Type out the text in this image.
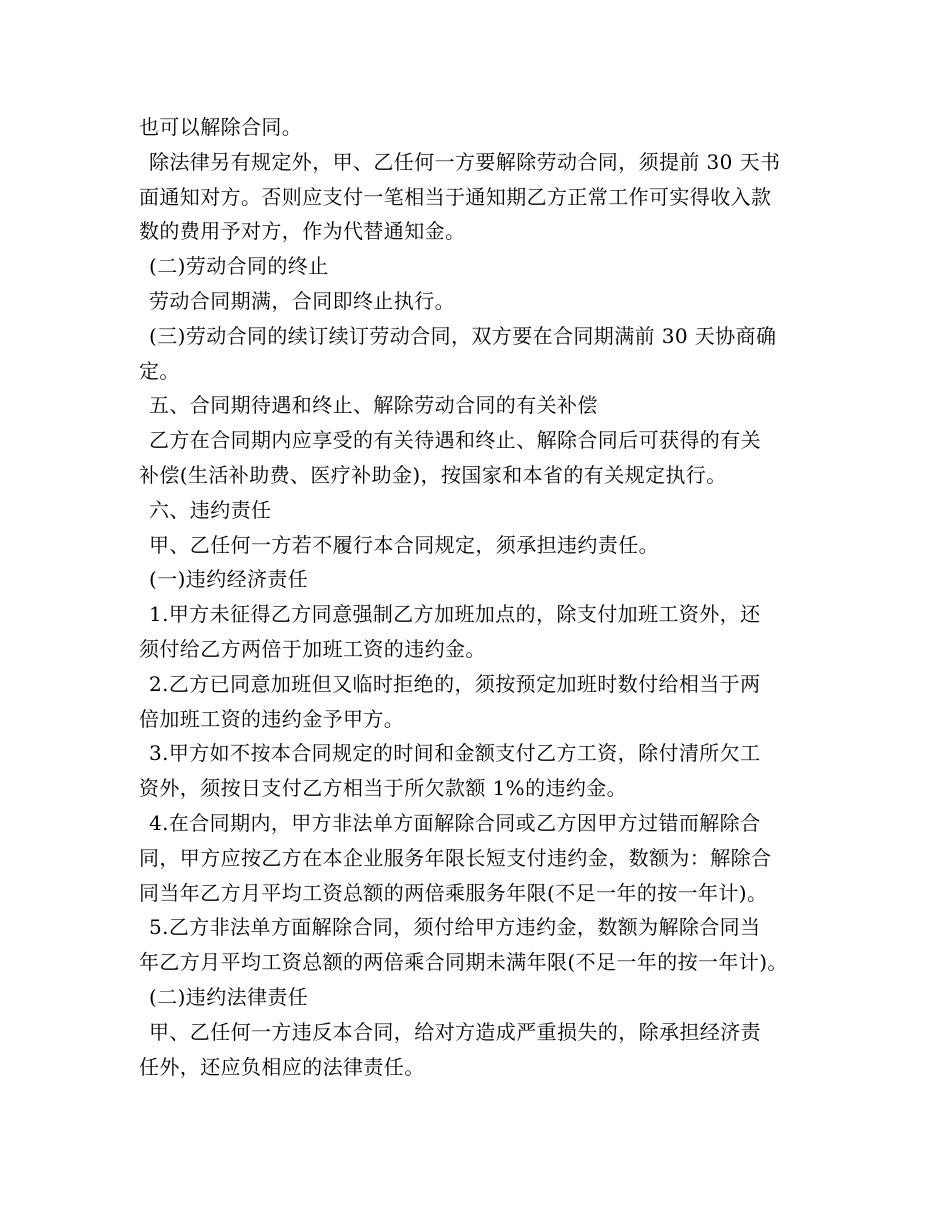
也可以解除合同。
除法律另有规定外，甲、乙任何一方要解除劳动合同，须提前 30 天书
面通知对方。否则应支付一笔相当于通知期乙方正常工作可实得收入款
数的费用予对方，作为代替通知金。
(二)劳动合同的终止
劳动合同期满，合同即终止执行。
(三)劳动合同的续订续订劳动合同，双方要在合同期满前 30 天协商确
定。
五、合同期待遇和终止、解除劳动合同的有关补偿
乙方在合同期内应享受的有关待遇和终止、解除合同后可获得的有关
补偿(生活补助费、医疗补助金)，按国家和本省的有关规定执行。
六、违约责任
甲、乙任何一方若不履行本合同规定，须承担违约责任。
(一)违约经济责任
1.甲方未征得乙方同意强制乙方加班加点的，除支付加班工资外，还
须付给乙方两倍于加班工资的违约金。
2.乙方已同意加班但又临时拒绝的，须按预定加班时数付给相当于两
倍加班工资的违约金予甲方。
3.甲方如不按本合同规定的时间和金额支付乙方工资，除付清所欠工
资外，须按日支付乙方相当于所欠款额 1%的违约金。
4.在合同期内，甲方非法单方面解除合同或乙方因甲方过错而解除合
同，甲方应按乙方在本企业服务年限长短支付违约金，数额为：解除合
同当年乙方月平均工资总额的两倍乘服务年限(不足一年的按一年计)。
5.乙方非法单方面解除合同，须付给甲方违约金，数额为解除合同当
年乙方月平均工资总额的两倍乘合同期未满年限(不足一年的按一年计)。
(二)违约法律责任
甲、乙任何一方违反本合同，给对方造成严重损失的，除承担经济责
任外，还应负相应的法律责任。
